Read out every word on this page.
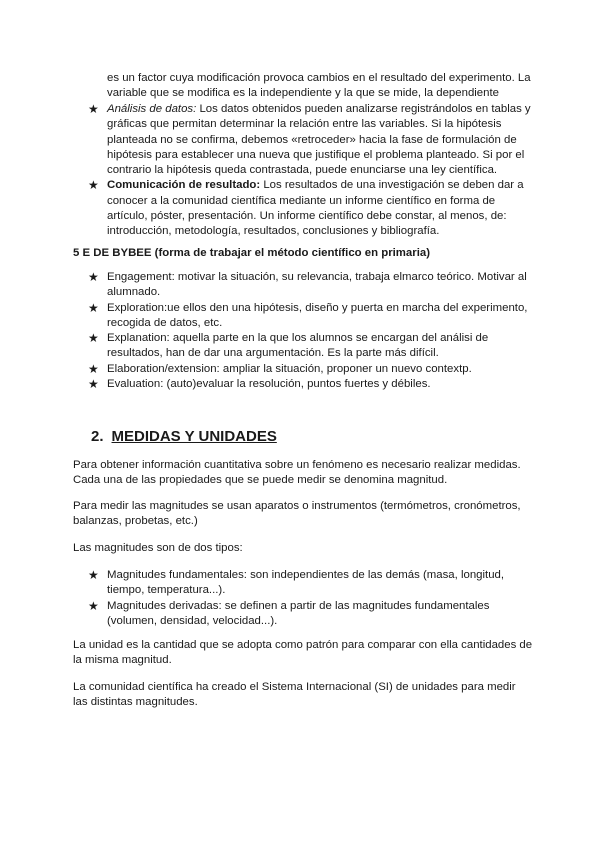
es un factor cuya modificación provoca cambios en el resultado del experimento. La variable que se modifica es la independiente y la que se mide, la dependiente

★ Análisis de datos: Los datos obtenidos pueden analizarse registrándolos en tablas y gráficas que permitan determinar la relación entre las variables. Si la hipótesis planteada no se confirma, debemos «retroceder» hacia la fase de formulación de hipótesis para establecer una nueva que justifique el problema planteado. Si por el contrario la hipótesis queda contrastada, puede enunciarse una ley científica.
★ Comunicación de resultado: Los resultados de una investigación se deben dar a conocer a la comunidad científica mediante un informe científico en forma de artículo, póster, presentación. Un informe científico debe constar, al menos, de: introducción, metodología, resultados, conclusiones y bibliografía.

5 E DE BYBEE (forma de trabajar el método científico en primaria)

★ Engagement: motivar la situación, su relevancia, trabaja elmarco teórico. Motivar al alumnado.
★ Exploration:ue ellos den una hipótesis, diseño y puerta en marcha del experimento, recogida de datos, etc.
★ Explanation: aquella parte en la que los alumnos se encargan del análisi de resultados, han de dar una argumentación. Es la parte más difícil.
★ Elaboration/extension: ampliar la situación, proponer un nuevo contextp.
★ Evaluation: (auto)evaluar la resolución, puntos fuertes y débiles.
2. MEDIDAS Y UNIDADES

Para obtener información cuantitativa sobre un fenómeno es necesario realizar medidas. Cada una de las propiedades que se puede medir se denomina magnitud.

Para medir las magnitudes se usan aparatos o instrumentos (termómetros, cronómetros, balanzas, probetas, etc.)

Las magnitudes son de dos tipos:

★ Magnitudes fundamentales: son independientes de las demás (masa, longitud, tiempo, temperatura...).
★ Magnitudes derivadas: se definen a partir de las magnitudes fundamentales (volumen, densidad, velocidad...).

La unidad es la cantidad que se adopta como patrón para comparar con ella cantidades de la misma magnitud.

La comunidad científica ha creado el Sistema Internacional (SI) de unidades para medir las distintas magnitudes.
